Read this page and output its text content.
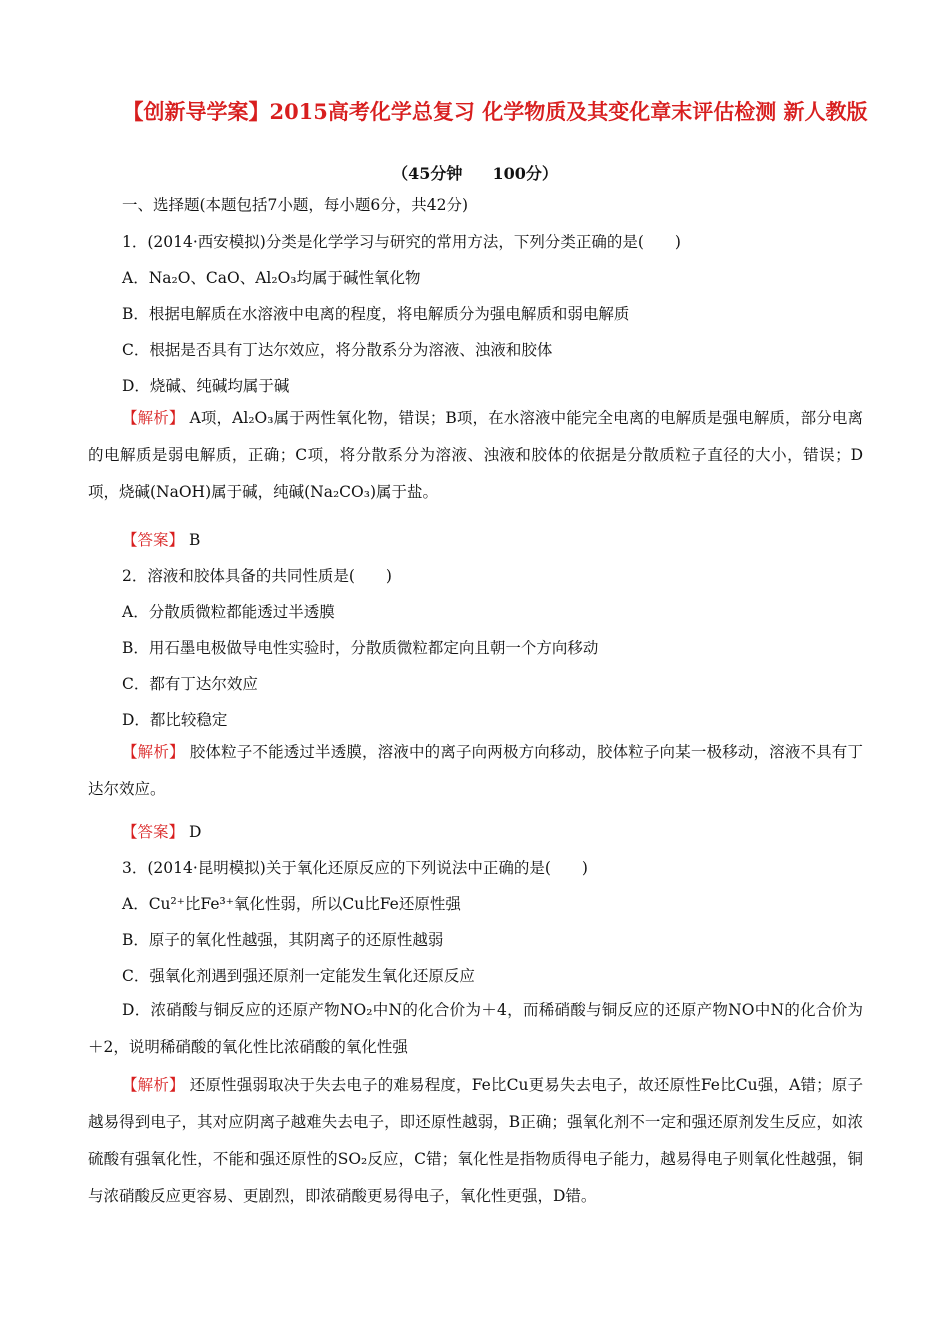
【创新导学案】2015高考化学总复习 化学物质及其变化章末评估检测 新人教版
（45分钟 100分）
一、选择题(本题包括7小题，每小题6分，共42分)
1．(2014·西安模拟)分类是化学学习与研究的常用方法，下列分类正确的是(　　)
A．Na₂O、CaO、Al₂O₃均属于碱性氧化物
B．根据电解质在水溶液中电离的程度，将电解质分为强电解质和弱电解质
C．根据是否具有丁达尔效应，将分散系分为溶液、浊液和胶体
D．烧碱、纯碱均属于碱
【 解析 】 A项，Al₂O₃属于两性氧化物，错误；B项，在水溶液中能完全电离的电解质是强电解质，部分电离的电解质是弱电解质，正确；C项，将分散系分为溶液、浊液和胶体的依据是分散质粒子直径的大小，错误；D项，烧碱(NaOH)属于碱，纯碱(Na₂CO₃)属于盐。
【 答案 】 B
2．溶液和胶体具备的共同性质是(　　)
A．分散质微粒都能透过半透膜
B．用石墨电极做导电性实验时，分散质微粒都定向且朝一个方向移动
C．都有丁达尔效应
D．都比较稳定
【 解析 】 胶体粒子不能透过半透膜，溶液中的离子向两极方向移动，胶体粒子向某一极移动，溶液不具有丁达尔效应。
【 答案 】 D
3．(2014·昆明模拟)关于氧化还原反应的下列说法中正确的是(　　)
A．Cu²⁺比Fe³⁺氧化性弱，所以Cu比Fe还原性强
B．原子的氧化性越强，其阴离子的还原性越弱
C．强氧化剂遇到强还原剂一定能发生氧化还原反应
D．浓硝酸与铜反应的还原产物NO₂中N的化合价为＋4，而稀硝酸与铜反应的还原产物NO中N的化合价为＋2，说明稀硝酸的氧化性比浓硝酸的氧化性强
【 解析 】 还原性强弱取决于失去电子的难易程度，Fe比Cu更易失去电子，故还原性Fe比Cu强，A错；原子越易得到电子，其对应阴离子越难失去电子，即还原性越弱，B正确；强氧化剂不一定和强还原剂发生反应，如浓硫酸有强氧化性，不能和强还原性的SO₂反应，C错；氧化性是指物质得电子能力，越易得电子则氧化性越强，铜与浓硝酸反应更容易、更剧烈，即浓硝酸更易得电子，氧化性更强，D错。
